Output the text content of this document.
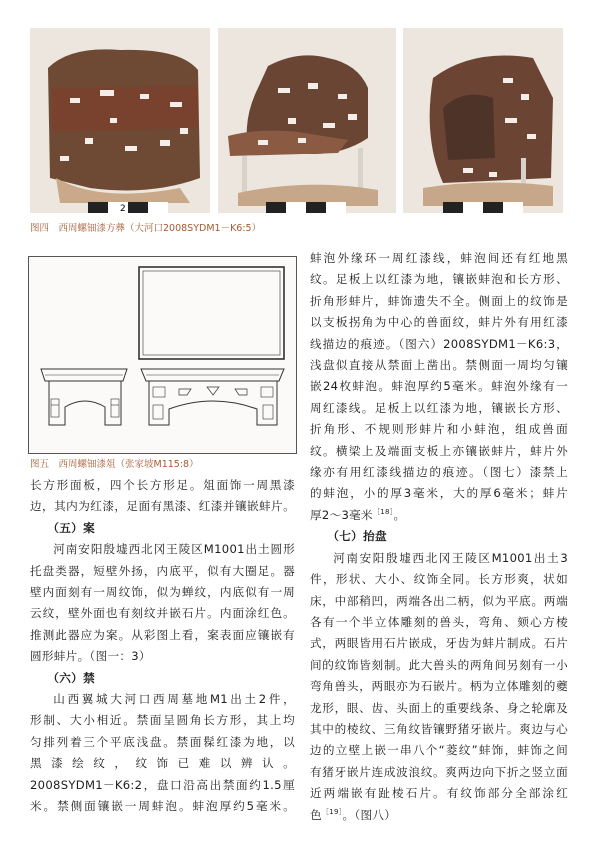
2
图四　西周螺钿漆方彝（大河口2008SYDM1－K6:5）
图五　西周螺钿漆俎（张家坡M115:8）

长方形面板，四个长方形足。俎面饰一周黑漆

边，其内为红漆，足面有黑漆、红漆并镶嵌蚌片。

（五）案

河南安阳殷墟西北冈王陵区M1001出土圆形

托盘类器，短壁外扬，内底平，似有大圈足。器

壁内面刻有一周纹饰，似为蝉纹，内底似有一周

云纹，壁外面也有刻纹并嵌石片。内面涂红色。

推测此器应为案。从彩图上看，案表面应镶嵌有

圆形蚌片。（图一：3）

（六）禁

山西翼城大河口西周墓地M1出土2件，

形制、大小相近。禁面呈圆角长方形，其上均

匀排列着三个平底浅盘。禁面髹红漆为地，以

黑 漆 绘 纹 ， 纹 饰 已 难 以 辨 认 。

2008SYDM1－K6:2，盘口沿高出禁面约1.5厘

米。禁侧面镶嵌一周蚌泡。蚌泡厚约5毫米。

蚌泡外缘环一周红漆线，蚌泡间还有红地黑

纹。足板上以红漆为地，镶嵌蚌泡和长方形、

折角形蚌片，蚌饰遗失不全。侧面上的纹饰是

以支板拐角为中心的兽面纹，蚌片外有用红漆

线描边的痕迹。（图六）2008SYDM1－K6:3，

浅盘似直接从禁面上凿出。禁侧面一周均匀镶

嵌24枚蚌泡。蚌泡厚约5毫米。蚌泡外缘有一

周红漆线。足板上以红漆为地，镶嵌长方形、

折角形、不规则形蚌片和小蚌泡，组成兽面

纹。横梁上及端面支板上亦镶嵌蚌片，蚌片外

缘亦有用红漆线描边的痕迹。（图七）漆禁上

的蚌泡，小的厚3毫米，大的厚6毫米；蚌片

厚2～3毫米$^{[18]}$。

（七）抬盘

河南安阳殷墟西北冈王陵区M1001出土3

件，形状、大小、纹饰全同。长方形爽，状如

床，中部稍凹，两端各出二柄，似为平底。两端

各有一个半立体雕刻的兽头，弯角、颏心方棱

式，两眼皆用石片嵌成，牙齿为蚌片制成。石片

间的纹饰皆刻制。此大兽头的两角间另刻有一小

弯角兽头，两眼亦为石嵌片。柄为立体雕刻的夔

龙形，眼、齿、头面上的重要线条、身之轮廓及

其中的棱纹、三角纹皆镶野猪牙嵌片。爽边与心

边的立壁上嵌一串八个“菱纹”蚌饰，蚌饰之间

有猪牙嵌片连成波浪纹。爽两边向下折之竖立面

近两端嵌有趾棱石片。有纹饰部分全部涂红

色$^{[19]}$。（图八）
